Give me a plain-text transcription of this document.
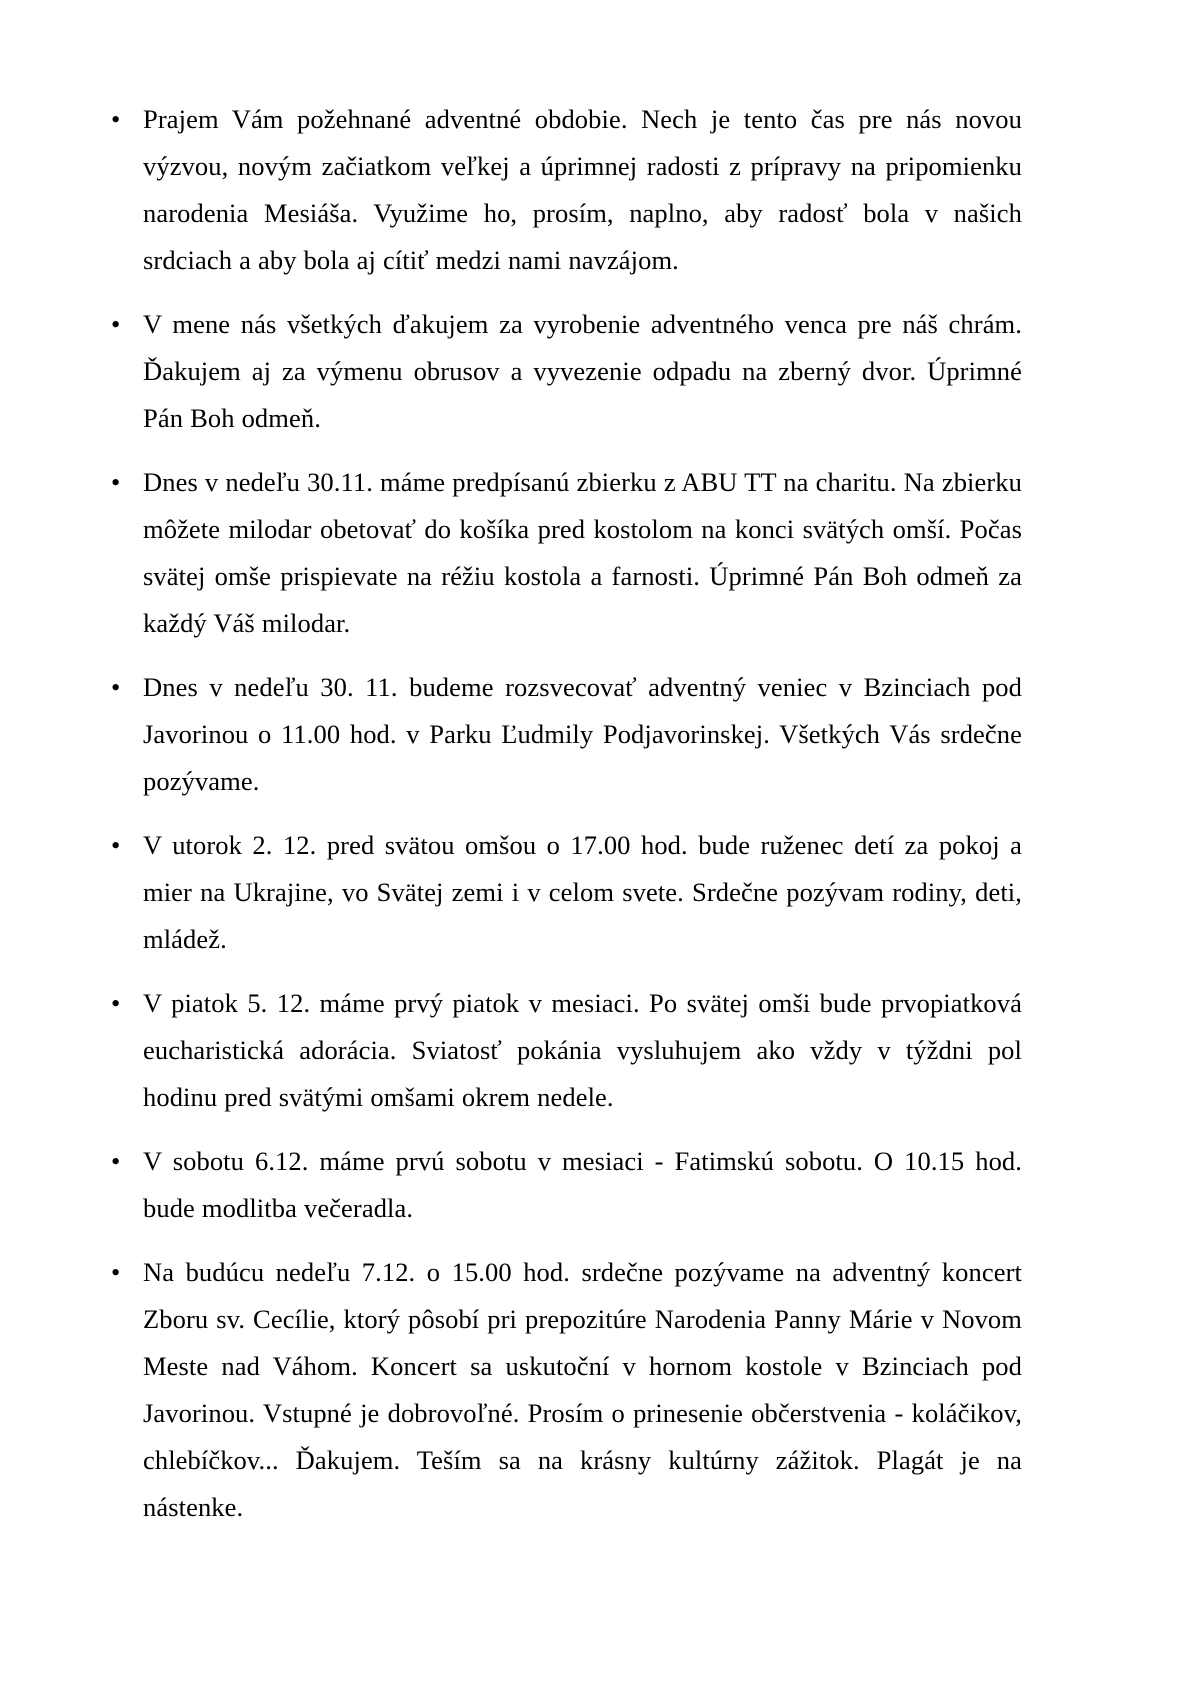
• Prajem Vám požehnané adventné obdobie. Nech je tento čas pre nás novou výzvou, novým začiatkom veľkej a úprimnej radosti z prípravy na pripomienku narodenia Mesiáša. Využime ho, prosím, naplno, aby radosť bola v našich srdciach a aby bola aj cítiť medzi nami navzájom.
• V mene nás všetkých ďakujem za vyrobenie adventného venca pre náš chrám. Ďakujem aj za výmenu obrusov a vyvezenie odpadu na zberný dvor. Úprimné Pán Boh odmeň.
• Dnes v nedeľu 30.11. máme predpísanú zbierku z ABU TT na charitu. Na zbierku môžete milodar obetovať do košíka pred kostolom na konci svätých omší. Počas svätej omše prispievate na réžiu kostola a farnosti. Úprimné Pán Boh odmeň za každý Váš milodar.
• Dnes v nedeľu 30. 11. budeme rozsvecovať adventný veniec v Bzinciach pod Javorinou o 11.00 hod. v Parku Ľudmily Podjavorinskej. Všetkých Vás srdečne pozývame.
• V utorok 2. 12. pred svätou omšou o 17.00 hod. bude ruženec detí za pokoj a mier na Ukrajine, vo Svätej zemi i v celom svete. Srdečne pozývam rodiny, deti, mládež.
• V piatok 5. 12. máme prvý piatok v mesiaci. Po svätej omši bude prvopiatková eucharistická adorácia. Sviatosť pokánia vysluhujem ako vždy v týždni pol hodinu pred svätými omšami okrem nedele.
• V sobotu 6.12. máme prvú sobotu v mesiaci - Fatimskú sobotu. O 10.15 hod. bude modlitba večeradla.
• Na budúcu nedeľu 7.12. o 15.00 hod. srdečne pozývame na adventný koncert Zboru sv. Cecílie, ktorý pôsobí pri prepozitúre Narodenia Panny Márie v Novom Meste nad Váhom. Koncert sa uskutoční v hornom kostole v Bzinciach pod Javorinou. Vstupné je dobrovoľné. Prosím o prinesenie občerstvenia - koláčikov, chlebíčkov... Ďakujem. Teším sa na krásny kultúrny zážitok. Plagát je na nástenke.
